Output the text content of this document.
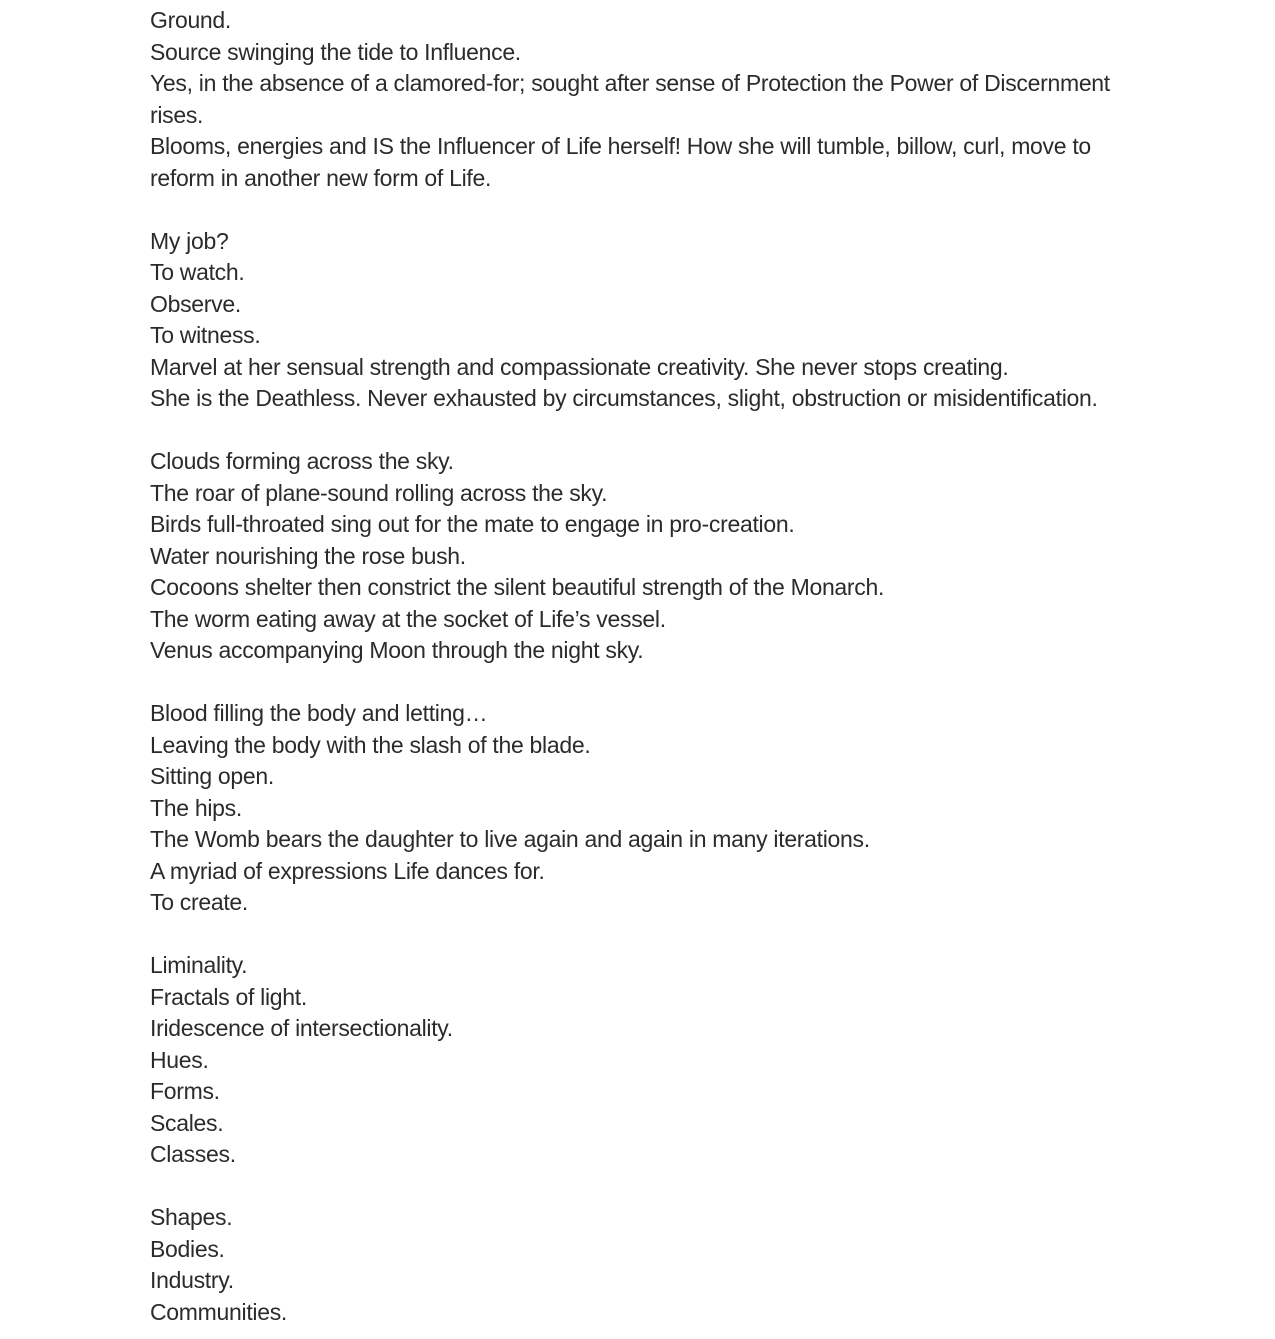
Ground.

Source swinging the tide to Influence.

Yes, in the absence of a clamored-for; sought after sense of Protection the Power of Discernment rises.

Blooms, energies and IS the Influencer of Life herself! How she will tumble, billow, curl, move to reform in another new form of Life.

My job?

To watch.

Observe.

To witness.

Marvel at her sensual strength and compassionate creativity. She never stops creating.

She is the Deathless. Never exhausted by circumstances, slight, obstruction or misidentification.

Clouds forming across the sky.

The roar of plane-sound rolling across the sky.

Birds full-throated sing out for the mate to engage in pro-creation.

Water nourishing the rose bush.

Cocoons shelter then constrict the silent beautiful strength of the Monarch.

The worm eating away at the socket of Life’s vessel.

Venus accompanying Moon through the night sky.

Blood filling the body and letting…

Leaving the body with the slash of the blade.

Sitting open.

The hips.

The Womb bears the daughter to live again and again in many iterations.

A myriad of expressions Life dances for.

To create.

Liminality.

Fractals of light.

Iridescence of intersectionality.

Hues.

Forms.

Scales.

Classes.

Shapes.

Bodies.

Industry.

Communities.
